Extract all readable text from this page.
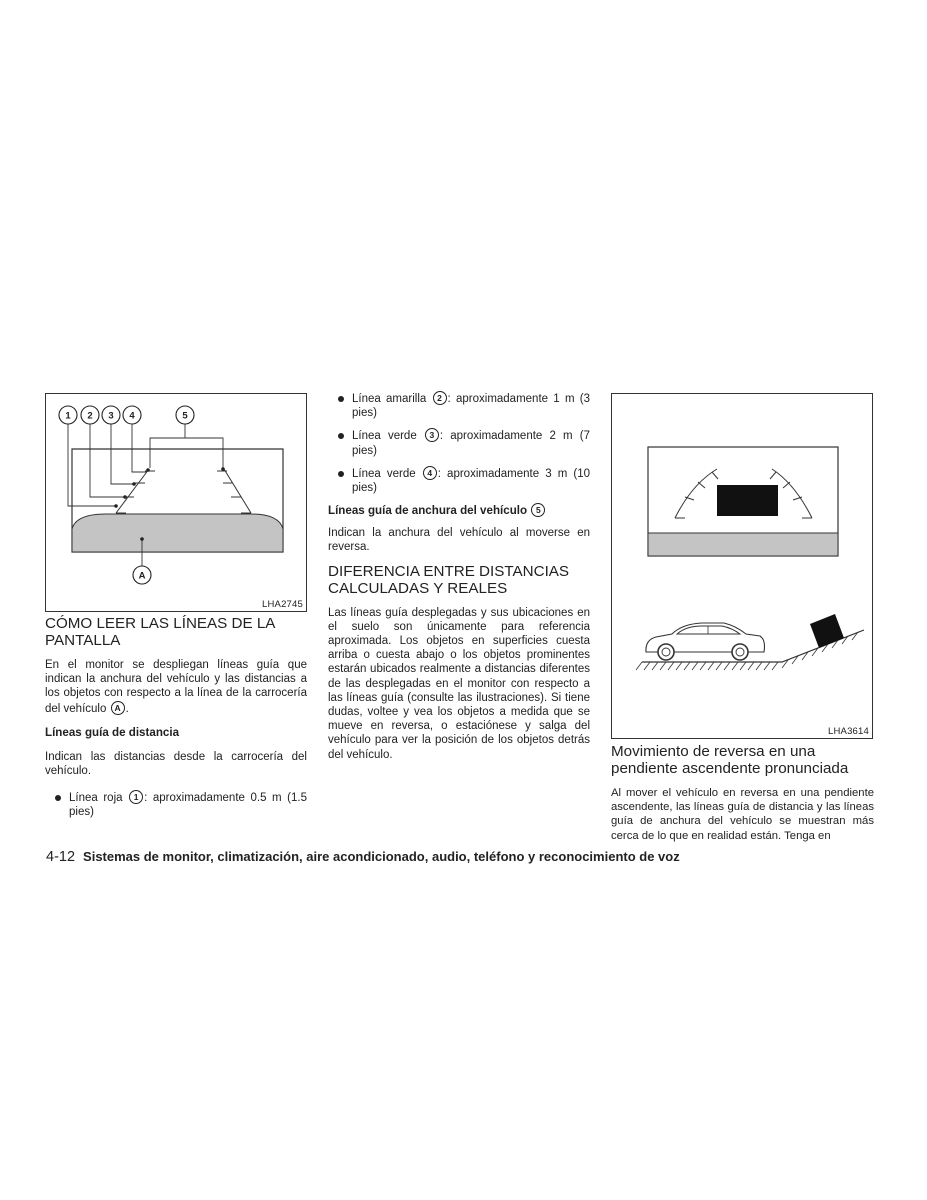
1 2 3 4	5
A
LHA2745
CÓMO LEER LAS LÍNEAS DE LA PANTALLA

En el monitor se despliegan líneas guía que indican la anchura del vehículo y las distancias a los objetos con respecto a la línea de la carrocería del vehículo A .

Líneas guía de distancia

Indican las distancias desde la carrocería del vehículo.

Línea roja 1 : aproximadamente 0.5 m (1.5 pies)
Línea amarilla 2 : aproximadamente 1 m (3 pies)
Línea verde 3 : aproximadamente 2 m (7 pies)
Línea verde 4 : aproximadamente 3 m (10 pies)
Líneas guía de anchura del vehículo 5

Indican la anchura del vehículo al moverse en reversa.

DIFERENCIA ENTRE DISTANCIAS CALCULADAS Y REALES

Las líneas guía desplegadas y sus ubicaciones en el suelo son únicamente para referencia aproximada. Los objetos en superficies cuesta arriba o cuesta abajo o los objetos prominentes estarán ubicados realmente a distancias diferentes de las desplegadas en el monitor con respecto a las líneas guía (consulte las ilustraciones). Si tiene dudas, voltee y vea los objetos a medida que se mueve en reversa, o estaciónese y salga del vehículo para ver la posición de los objetos detrás del vehículo.

LHA3614
Movimiento de reversa en una pendiente ascendente pronunciada

Al mover el vehículo en reversa en una pendiente ascendente, las líneas guía de distancia y las líneas guía de anchura del vehículo se muestran más cerca de lo que en realidad están. Tenga en

4-12 Sistemas de monitor, climatización, aire acondicionado, audio, teléfono y reconocimiento de voz
